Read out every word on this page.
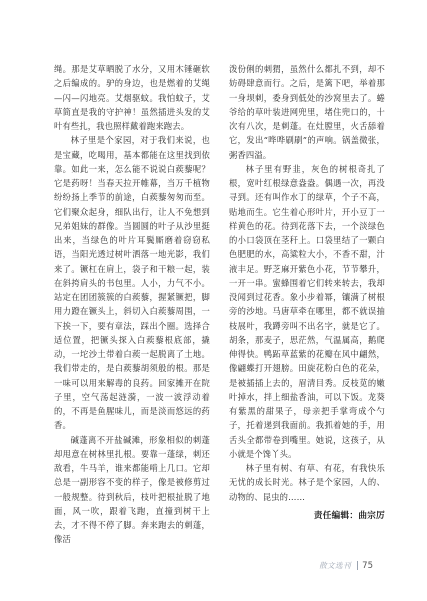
绳。那是艾草晒脱了水分，又用木锤砸软之后编成的。驴的身边，也是燃着的艾绳—闪—闪地亮。艾烟驱蚊。我怕蚊子，艾草简直是我的守护神！虽然插进头发的艾叶有些扎，我也照样戴着跑来跑去。

林子里是个家园，对于我们来说，也是宝藏，吃喝用，基本都能在这里找到依靠。如此一来，怎么能不说说白蒺藜呢？它是药呀！当春天拉开帷幕，当万千植物纷纷扬上季节的前途，白蒺藜匆匆而至。它们聚众起身，细队出行，让人不免想到兄弟姐妹的群像。当圆圆的叶子从沙里挺出来，当绿色的叶片耳鬓厮磨着窃窃私语，当阳光透过树叶洒落一地光影，我们来了。镢杠在肩上，袋子和干粮一起，装在斜挎肩头的书包里。人小，力气不小。站定在团团簇簇的白蒺藜，握紧镢把，脚用力蹬在镢头上，斜切入白蒺藜周围，一下挨一下，要有章法，踩出个圈。选择合适位置，把镢头探入白蒺藜根底部，撬动，一坨沙土带着白蒺一起脱离了土地。我们带走的，是白蒺藜胡须般的根。那是一味可以用来解毒的良药。回家摊开在院子里，空气荡起涟漪，一波一波浮动着的，不再是鱼腥味儿，而是淡而悠远的药香。

碱蓬离不开盐碱滩，形象相似的刺蓬却甩意在树林里扎根。要靠一蓬绿，刺还敌看，牛马羊，谁来都能啃上几口。它却总是一副形容不变的样子，像是被修剪过一般规整。待到秋后，枝叶把根扯脱了地面，风一吹，跟着飞跑，直撞到树干上去，才不得不停了脚。奔来跑去的刺蓬，像活

泼份俐的刺猬，虽然什么都扎不到，却不妨碍肆意而行。之后，是篱下吧，举着那一身坝刺，委身到低处的沙窝里去了。蜷爷给的草叶装进网兜里，堵住兜口的，十次有八次，是刺蓬。在灶膛里，火舌舔着它，发出“哗哗刷刷”的声响。锅盖微张，粥香四溢。

林子里有野韭，灰色的树根奇扎了根，宽叶红根绿意盎盎。偶遇一次，再没寻到。还有叫作水丁的绿草，个子不高，贴地而生。它生着心形叶片，开小豆丁一样黄色的花。待到花落下去，一个淡绿色的小口袋顶在茎秆上。口袋里结了一颗白色肥肥的水，高粱粒大小，不香不甜，汁液丰足。野芝麻开紫色小花，节节攀升，一开一串。蜜蜂围着它们转来转去，我却没闻到过花香。象小步着幂，镶满了树根旁的沙地。马唐草牵在哪里，都不就误抽枝展叶，我蹲旁叫不出名字，就是它了。胡条，那麦子，思茫然，气温属高，鹅爬伸得快。鸭跖草蓝紫的花瓣在风中翩然，像翩蝶打开翅膀。田旋花粉白色的花朵，是被插插上去的，眉清目秀。反枝苋的嫩叶掉水，拌上细盐香油，可以下饭。龙葵有紫黑的甜果子，母亲把手掌弯成个勺子，托着递到我面前。我抓着她的手，用舌头全都带卷到嘴里。她说，这孩子，从小就是个馋丫头。

林子里有树、有草、有花，有我快乐无忧的成长时光。林子是个家园，人的、动物的、昆虫的……

责任编辑：曲宗厉
散文选刊 75
